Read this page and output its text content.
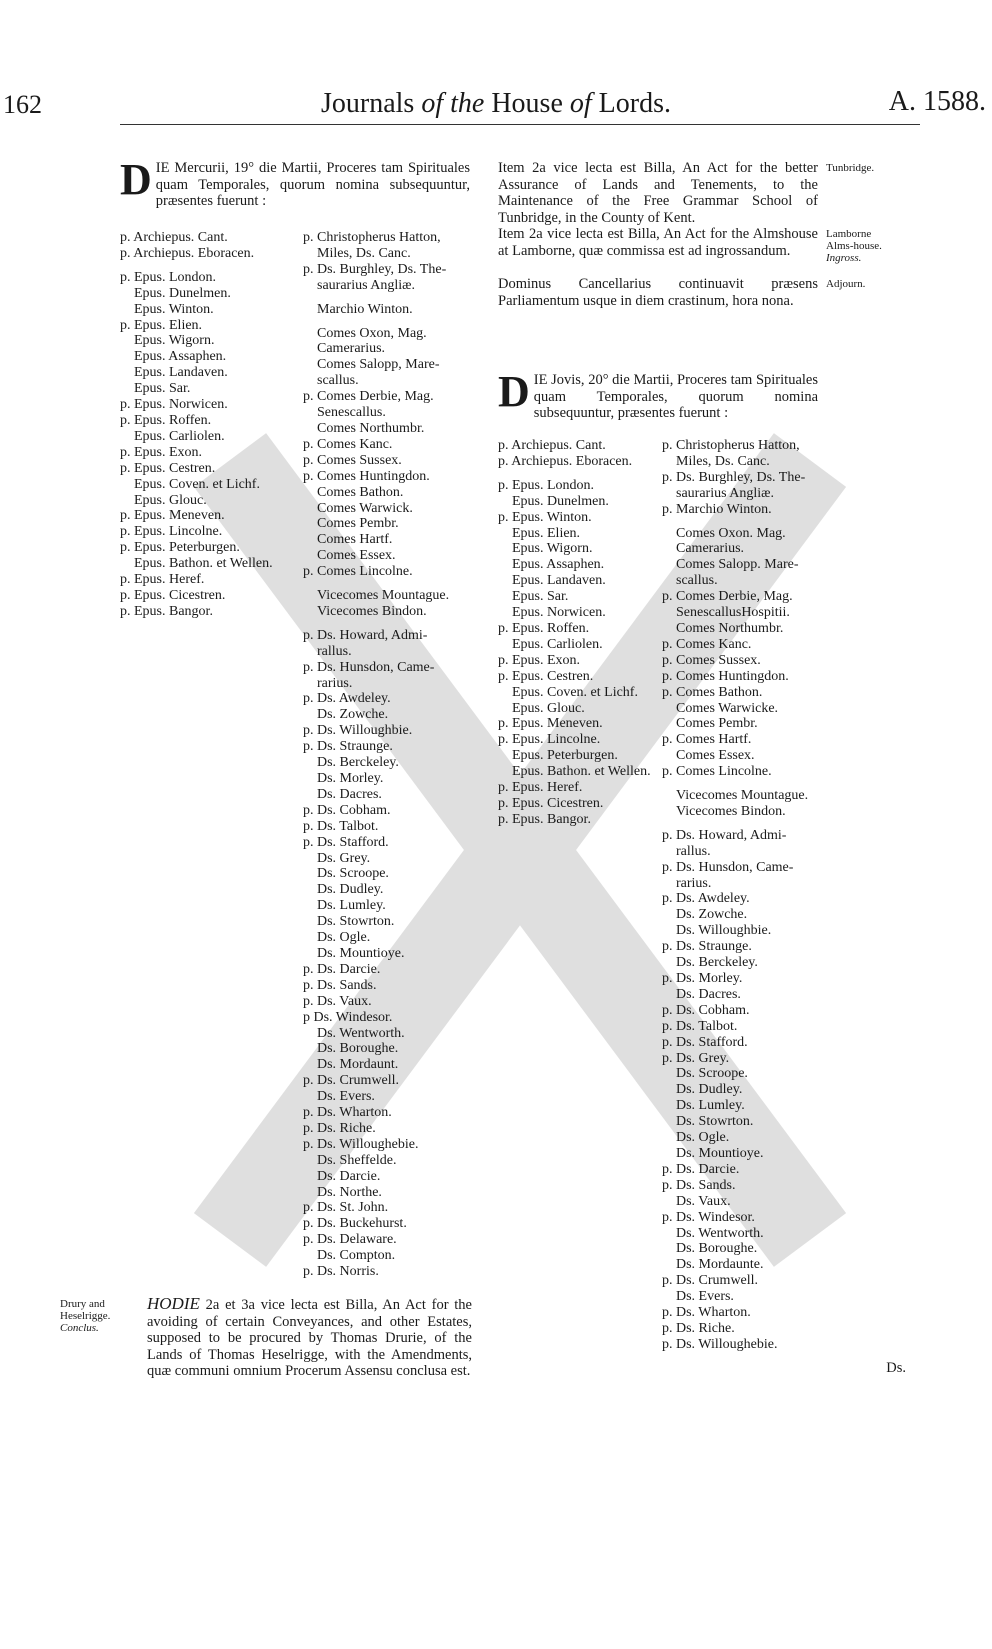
162	Journals of the House of Lords.	A. 1588.
DIE Mercurii, 19° die Martii, Proceres tam Spirituales quam Temporales, quorum nomina subsequuntur, præsentes fuerunt :
p. Archiepus. Cant.
p. Archiepus. Eboracen.
p. Epus. London.
Epus. Dunelmen.
Epus. Winton.
p. Epus. Elien.
Epus. Wigorn.
Epus. Assaphen.
Epus. Landaven.
Epus. Sar.
p. Epus. Norwicen.
p. Epus. Roffen.
Epus. Carliolen.
p. Epus. Exon.
p. Epus. Cestren.
Epus. Coven. et Lichf.
Epus. Glouc.
p. Epus. Meneven.
p. Epus. Lincolne.
p. Epus. Peterburgen.
Epus. Bathon. et Wellen.
p. Epus. Heref.
p. Epus. Cicestren.
p. Epus. Bangor.
p. Christopherus Hatton,
Miles, Ds. Canc.
p. Ds. Burghley, Ds. The-
saurarius Angliæ.
Marchio Winton.
Comes Oxon, Mag.
Camerarius.
Comes Salopp, Mare-
scallus.
p. Comes Derbie, Mag.
Senescallus.
Comes Northumbr.
p. Comes Kanc.
p. Comes Sussex.
p. Comes Huntingdon.
Comes Bathon.
Comes Warwick.
Comes Pembr.
Comes Hartf.
Comes Essex.
p. Comes Lincolne.
Vicecomes Mountague.
Vicecomes Bindon.
p. Ds. Howard, Admi-
rallus.
p. Ds. Hunsdon, Came-
rarius.
p. Ds. Awdeley.
Ds. Zowche.
p. Ds. Willoughbie.
p. Ds. Straunge.
Ds. Berckeley.
Ds. Morley.
Ds. Dacres.
p. Ds. Cobham.
p. Ds. Talbot.
p. Ds. Stafford.
Ds. Grey.
Ds. Scroope.
Ds. Dudley.
Ds. Lumley.
Ds. Stowrton.
Ds. Ogle.
Ds. Mountioye.
p. Ds. Darcie.
p. Ds. Sands.
p. Ds. Vaux.
p Ds. Windesor.
Ds. Wentworth.
Ds. Boroughe.
Ds. Mordaunt.
p. Ds. Crumwell.
Ds. Evers.
p. Ds. Wharton.
p. Ds. Riche.
p. Ds. Willoughebie.
Ds. Sheffelde.
Ds. Darcie.
Ds. Northe.
p. Ds. St. John.
p. Ds. Buckehurst.
p. Ds. Delaware.
Ds. Compton.
p. Ds. Norris.
Item 2a vice lecta est Billa, An Act for the better Assurance of Lands and Tenements, to the Maintenance of the Free Grammar School of Tunbridge, in the County of Kent.
Item 2a vice lecta est Billa, An Act for the Almshouse at Lamborne, quæ commissa est ad ingrossandum.
Dominus Cancellarius continuavit præsens Parliamentum usque in diem crastinum, hora nona.
Tunbridge.
Lamborne
Alms-house.
Ingross.
Adjourn.
DIE Jovis, 20° die Martii, Proceres tam Spirituales quam Temporales, quorum nomina subsequuntur, præsentes fuerunt :
p. Archiepus. Cant.
p. Archiepus. Eboracen.
p. Epus. London.
Epus. Dunelmen.
p. Epus. Winton.
Epus. Elien.
Epus. Wigorn.
Epus. Assaphen.
Epus. Landaven.
Epus. Sar.
Epus. Norwicen.
p. Epus. Roffen.
Epus. Carliolen.
p. Epus. Exon.
p. Epus. Cestren.
Epus. Coven. et Lichf.
Epus. Glouc.
p. Epus. Meneven.
p. Epus. Lincolne.
Epus. Peterburgen.
Epus. Bathon. et Wellen.
p. Epus. Heref.
p. Epus. Cicestren.
p. Epus. Bangor.
p. Christopherus Hatton,
Miles, Ds. Canc.
p. Ds. Burghley, Ds. The-
saurarius Angliæ.
p. Marchio Winton.
Comes Oxon. Mag.
Camerarius.
Comes Salopp. Mare-
scallus.
p. Comes Derbie, Mag.
SenescallusHospitii.
Comes Northumbr.
p. Comes Kanc.
p. Comes Sussex.
p. Comes Huntingdon.
p. Comes Bathon.
Comes Warwicke.
Comes Pembr.
p. Comes Hartf.
Comes Essex.
p. Comes Lincolne.
Vicecomes Mountague.
Vicecomes Bindon.
p. Ds. Howard, Admi-
rallus.
p. Ds. Hunsdon, Came-
rarius.
p. Ds. Awdeley.
Ds. Zowche.
Ds. Willoughbie.
p. Ds. Straunge.
Ds. Berckeley.
p. Ds. Morley.
Ds. Dacres.
p. Ds. Cobham.
p. Ds. Talbot.
p. Ds. Stafford.
p. Ds. Grey.
Ds. Scroope.
Ds. Dudley.
Ds. Lumley.
Ds. Stowrton.
Ds. Ogle.
Ds. Mountioye.
p. Ds. Darcie.
p. Ds. Sands.
Ds. Vaux.
p. Ds. Windesor.
Ds. Wentworth.
Ds. Boroughe.
Ds. Mordaunte.
p. Ds. Crumwell.
Ds. Evers.
p. Ds. Wharton.
p. Ds. Riche.
p. Ds. Willoughebie.
Drury and
Heselrigge.
Conclus.
HODIE 2a et 3a vice lecta est Billa, An Act for the avoiding of certain Conveyances, and other Estates, supposed to be procured by Thomas Drurie, of the Lands of Thomas Heselrigge, with the Amendments, quæ communi omnium Procerum Assensu conclusa est.	Ds.
